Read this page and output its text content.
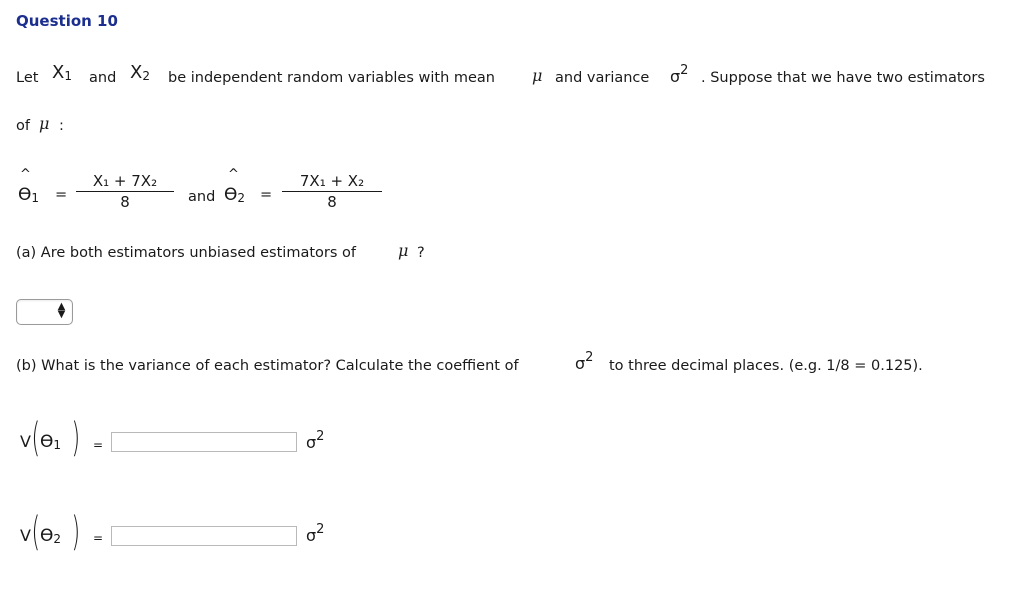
Question 10
Let X1 and X2 be independent random variables with mean μ and variance $\sigma^2$ . Suppose that we have two estimators
of μ :
^
$ϴ1 = \frac{\text{X₁ + 7X₂}}{8}$ and
^
$ϴ2 = \frac{\text{7X₁ + X₂}}{8}$
(a) Are both estimators unbiased estimators of	μ ?
▲▼
(b) What is the variance of each estimator? Calculate the coeffient of	$\sigma^2$
to three decimal places. (e.g. 1/8 = 0.125).
V ( ϴ1 ) =	$\sigma^2$
V ( ϴ2 ) =	$\sigma^2$
